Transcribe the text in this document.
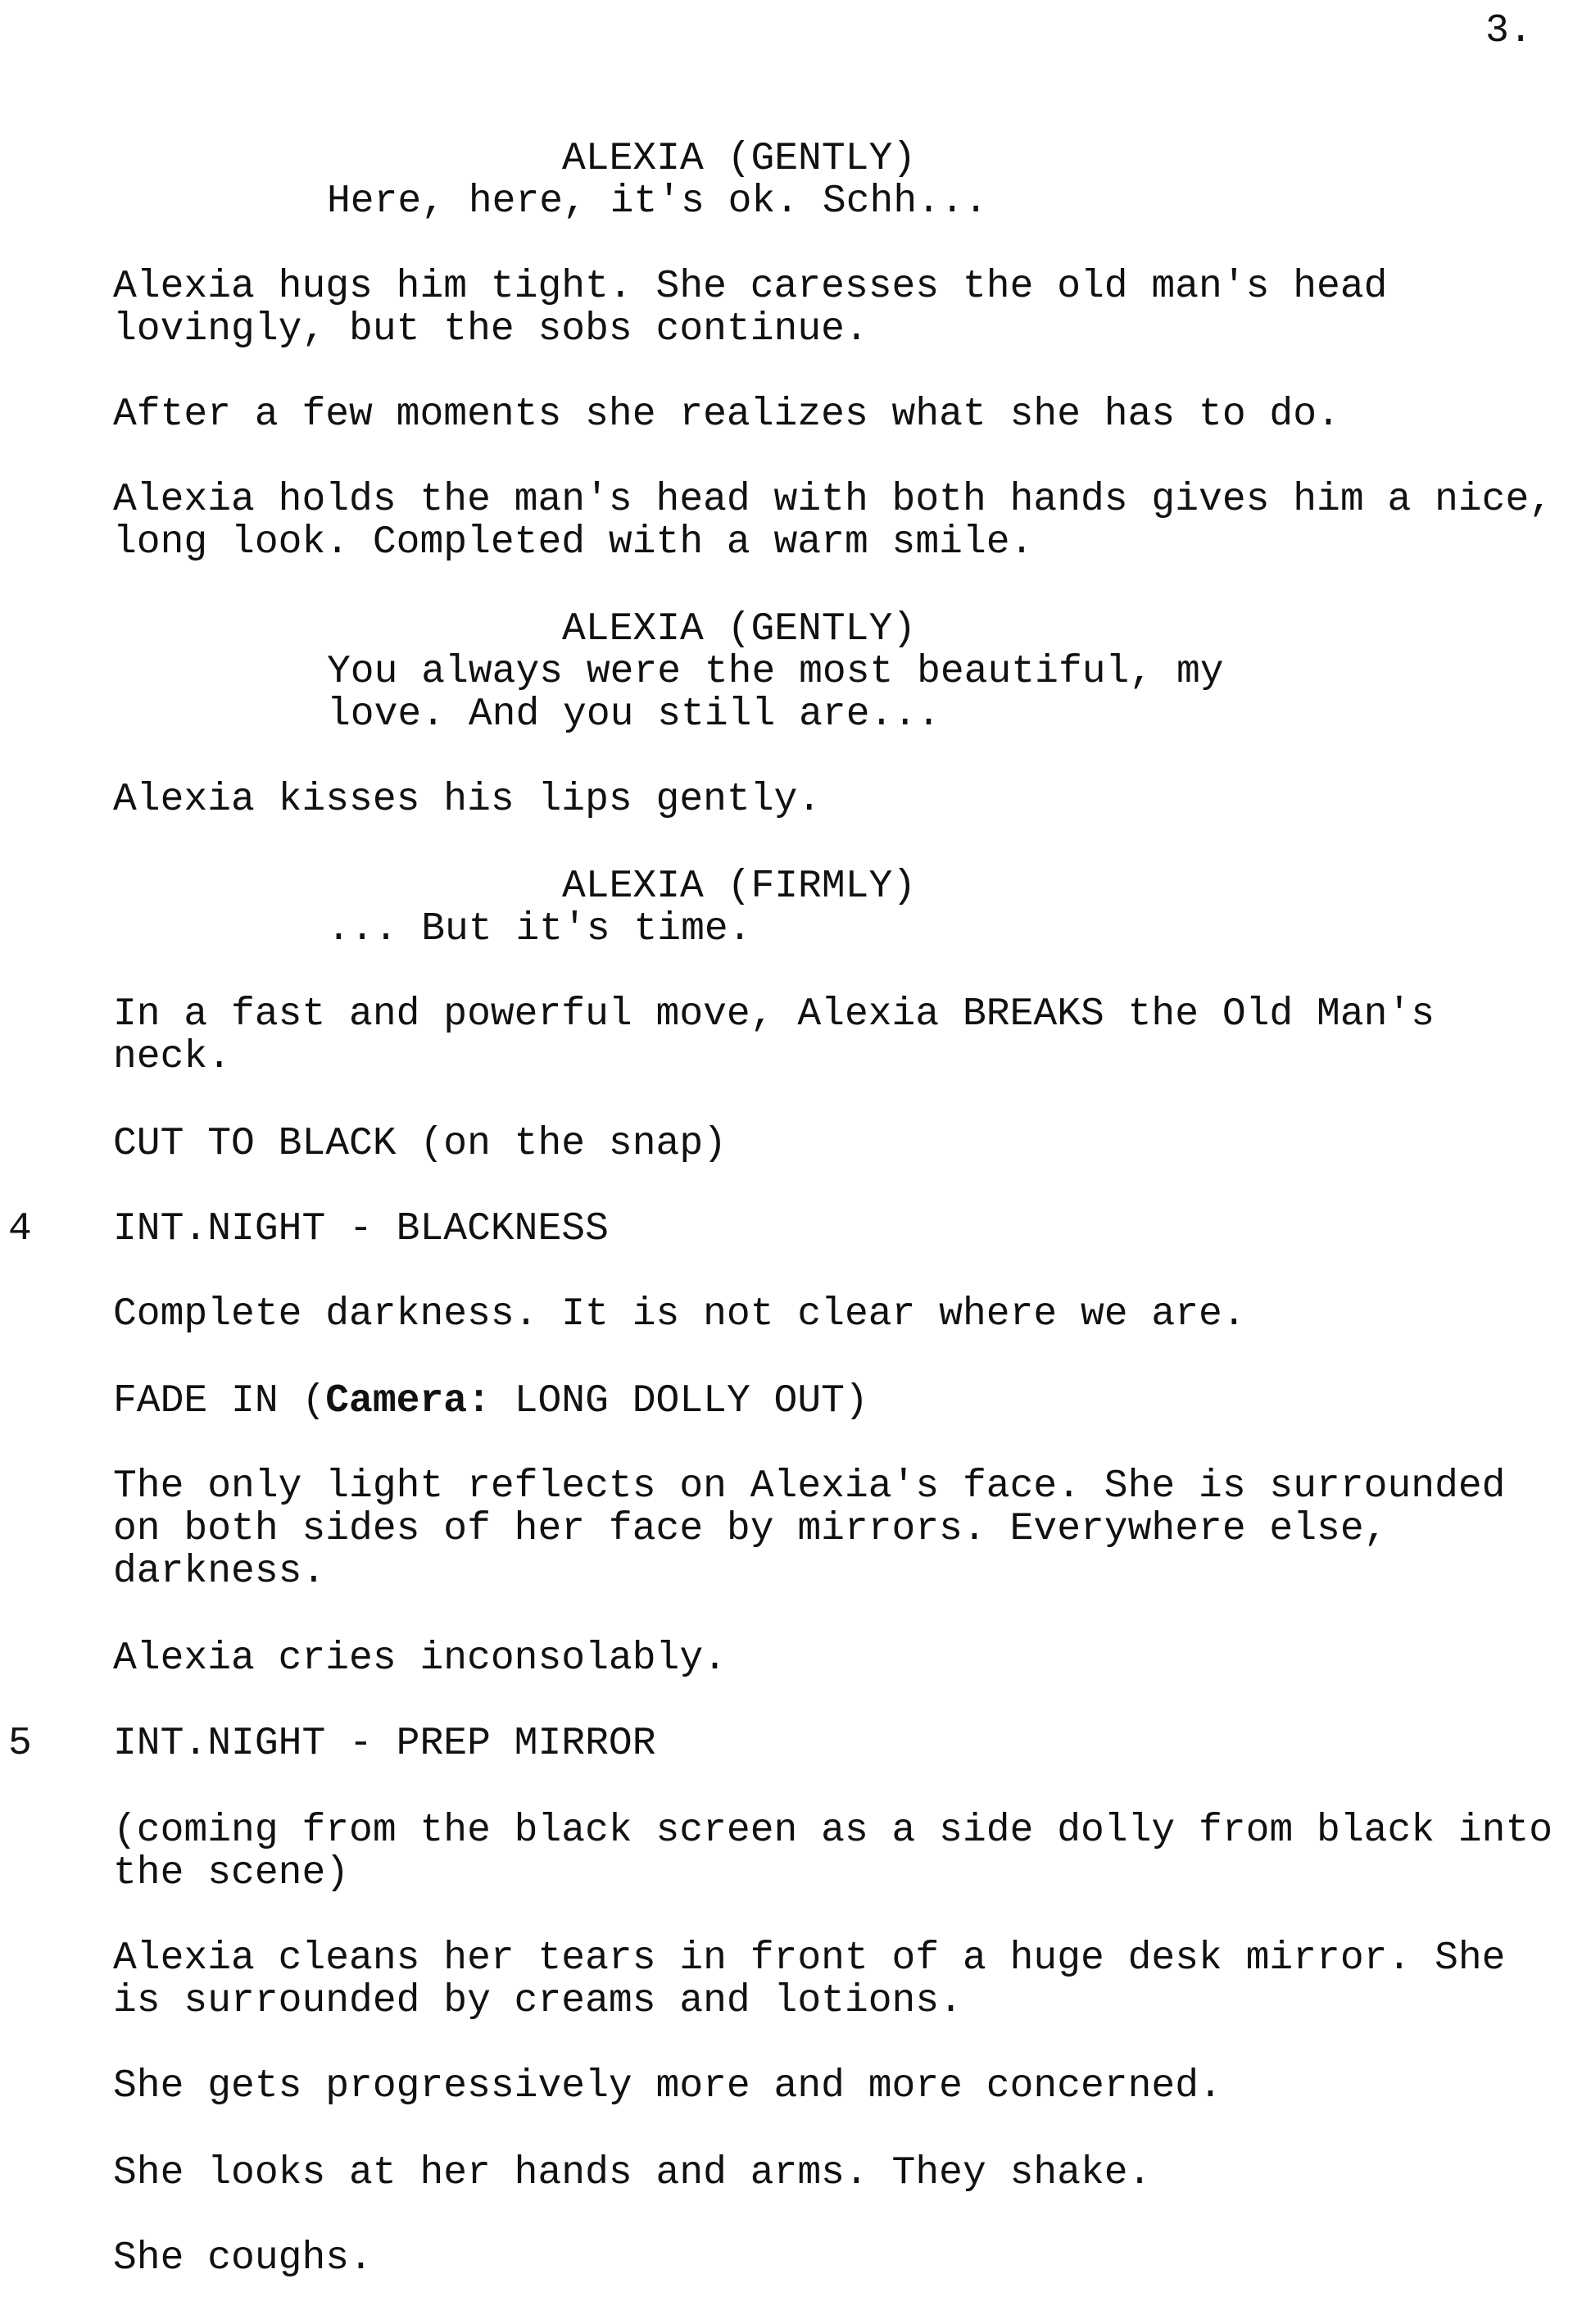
3.

ALEXIA (GENTLY)

Here, here, it's ok. Schh...

Alexia hugs him tight. She caresses the old man's head
lovingly, but the sobs continue.

After a few moments she realizes what she has to do.

Alexia holds the man's head with both hands gives him a nice,
long look. Completed with a warm smile.

ALEXIA (GENTLY)

You always were the most beautiful, my
love. And you still are...

Alexia kisses his lips gently.

ALEXIA (FIRMLY)

... But it's time.

In a fast and powerful move, Alexia BREAKS the Old Man's
neck.

CUT TO BLACK (on the snap)

4 INT.NIGHT - BLACKNESS

Complete darkness. It is not clear where we are.

FADE IN (Camera: LONG DOLLY OUT)

The only light reflects on Alexia's face. She is surrounded
on both sides of her face by mirrors. Everywhere else,
darkness.

Alexia cries inconsolably.

5 INT.NIGHT - PREP MIRROR

(coming from the black screen as a side dolly from black into
the scene)

Alexia cleans her tears in front of a huge desk mirror. She
is surrounded by creams and lotions.

She gets progressively more and more concerned.

She looks at her hands and arms. They shake.

She coughs.
